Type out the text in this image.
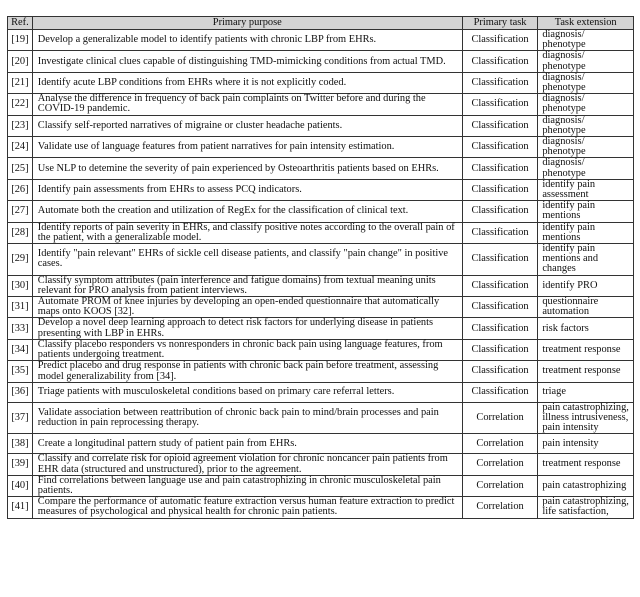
Ref.	Primary purpose	Primary task	Task extension
[19]	Develop a generalizable model to identify patients with chronic LBP from EHRs.	Classification	diagnosis/ phenotype
[20]	Investigate clinical clues capable of distinguishing TMD-mimicking conditions from actual TMD.	Classification	diagnosis/ phenotype
[21]	Identify acute LBP conditions from EHRs where it is not explicitly coded.	Classification	diagnosis/ phenotype
[22]	Analyse the difference in frequency of back pain complaints on Twitter before and during the COVID-19 pandemic.	Classification	diagnosis/ phenotype
[23]	Classify self-reported narratives of migraine or cluster headache patients.	Classification	diagnosis/ phenotype
[24]	Validate use of language features from patient narratives for pain intensity estimation.	Classification	diagnosis/ phenotype
[25]	Use NLP to detemine the severity of pain experienced by Osteoarthritis patients based on EHRs.	Classification	diagnosis/ phenotype
[26]	Identify pain assessments from EHRs to assess PCQ indicators.	Classification	identify pain assessment
[27]	Automate both the creation and utilization of RegEx for the classification of clinical text.	Classification	identify pain mentions
[28]	Identify reports of pain severity in EHRs, and classify positive notes according to the overall pain of the patient, with a generalizable model.	Classification	identify pain mentions
[29]	Identify "pain relevant" EHRs of sickle cell disease patients, and classify "pain change" in positive cases.	Classification	identify pain mentions and changes
[30]	Classify symptom attributes (pain interference and fatigue domains) from textual meaning units relevant for PRO analysis from patient interviews.	Classification	identify PRO
[31]	Automate PROM of knee injuries by developing an open-ended questionnaire that automatically maps onto KOOS [32].	Classification	questionnaire automation
[33]	Develop a novel deep learning approach to detect risk factors for underlying disease in patients presenting with LBP in EHRs.	Classification	risk factors
[34]	Classify placebo responders vs nonresponders in chronic back pain using language features, from patients undergoing treatment.	Classification	treatment response
[35]	Predict placebo and drug response in patients with chronic back pain before treatment, assessing model generalizability from [34].	Classification	treatment response
[36]	Triage patients with musculoskeletal conditions based on primary care referral letters.	Classification	triage
[37]	Validate association between reattribution of chronic back pain to mind/brain processes and pain reduction in pain reprocessing therapy.	Correlation	pain catastrophizing, illness intrusiveness, pain intensity
[38]	Create a longitudinal pattern study of patient pain from EHRs.	Correlation	pain intensity
[39]	Classify and correlate risk for opioid agreement violation for chronic noncancer pain patients from EHR data (structured and unstructured), prior to the agreement.	Correlation	treatment response
[40]	Find correlations between language use and pain catastrophizing in chronic musculoskeletal pain patients.	Correlation	pain catastrophizing
[41]	Compare the performance of automatic feature extraction versus human feature extraction to predict measures of psychological and physical health for chronic pain patients.	Correlation	pain catastrophizing, life satisfaction,
